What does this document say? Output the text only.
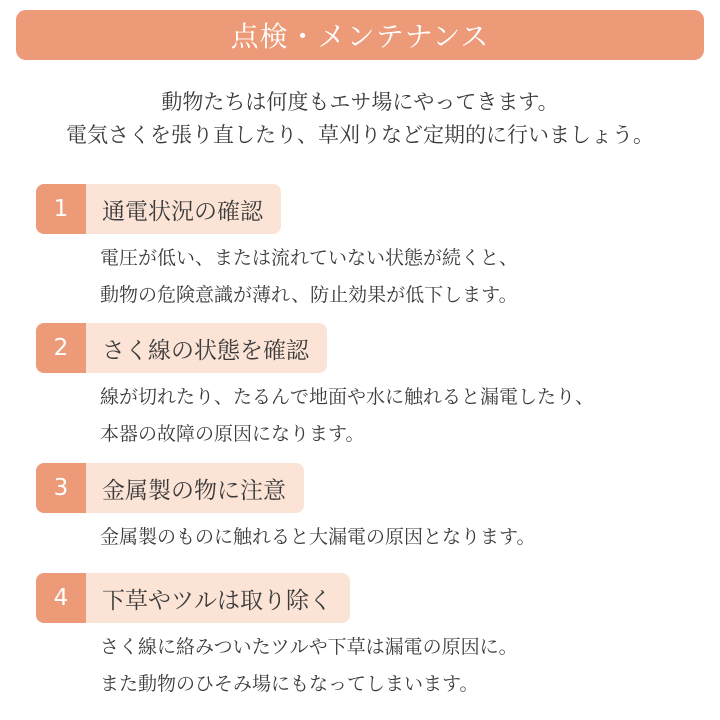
点検・メンテナンス
動物たちは何度もエサ場にやってきます。
電気さくを張り直したり、草刈りなど定期的に行いましょう。
1	通電状況の確認
電圧が低い、または流れていない状態が続くと、
動物の危険意識が薄れ、防止効果が低下します。
2	さく線の状態を確認
線が切れたり、たるんで地面や水に触れると漏電したり、
本器の故障の原因になります。
3	金属製の物に注意
金属製のものに触れると大漏電の原因となります。
4	下草やツルは取り除く
さく線に絡みついたツルや下草は漏電の原因に。
また動物のひそみ場にもなってしまいます。
